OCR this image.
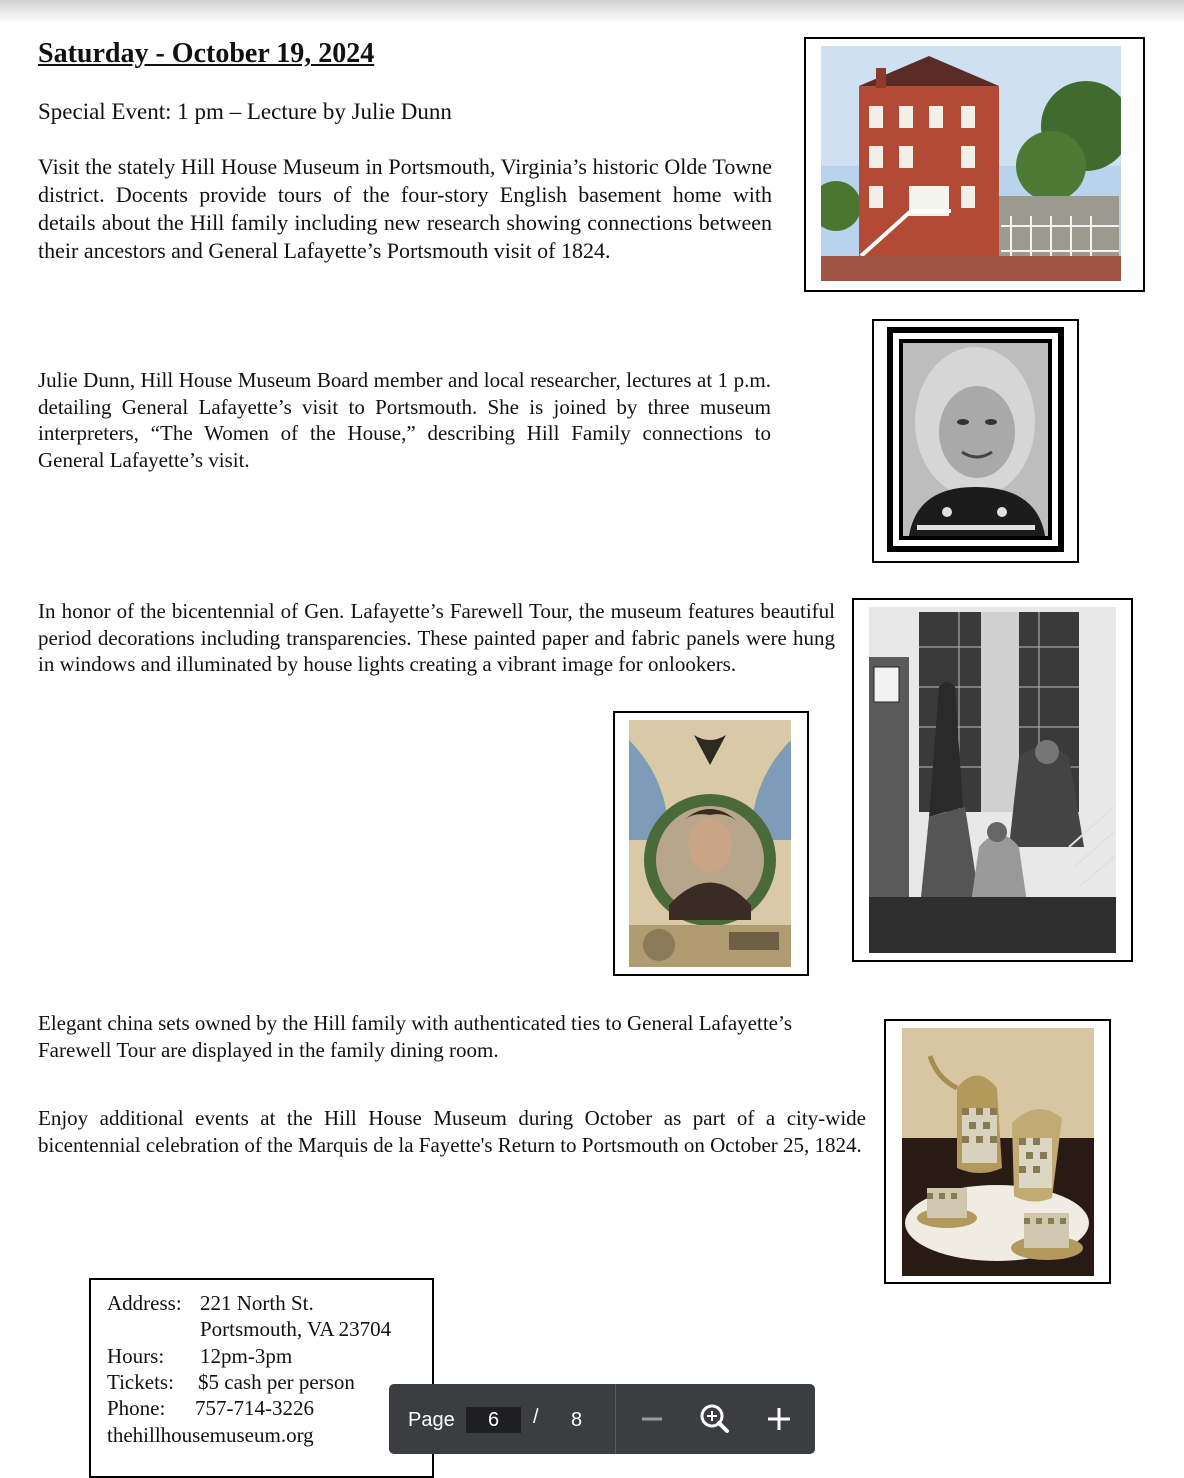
Saturday - October 19, 2024

Special Event: 1 pm – Lecture by Julie Dunn

Visit the stately Hill House Museum in Portsmouth, Virginia’s historic Olde Towne district. Docents provide tours of the four-story English basement home with details about the Hill family including new research showing connections between their ancestors and General Lafayette’s Portsmouth visit of 1824.

Julie Dunn, Hill House Museum Board member and local researcher, lectures at 1 p.m. detailing General Lafayette’s visit to Portsmouth. She is joined by three museum interpreters, “The Women of the House,” describing Hill Family connections to General Lafayette’s visit.

In honor of the bicentennial of Gen. Lafayette’s Farewell Tour, the museum features beautiful period decorations including transparencies. These painted paper and fabric panels were hung in windows and illuminated by house lights creating a vibrant image for onlookers.

Elegant china sets owned by the Hill family with authenticated ties to General Lafayette’s Farewell Tour are displayed in the family dining room.

Enjoy additional events at the Hill House Museum during October as part of a city-wide bicentennial celebration of the Marquis de la Fayette's Return to Portsmouth on October 25, 1824.

Address: 221 North St.
Portsmouth, VA 23704
Hours: 12pm-3pm
Tickets: $5 cash per person
Phone: 757-714-3226
thehillhousemuseum.org
Page	6	/ 8
